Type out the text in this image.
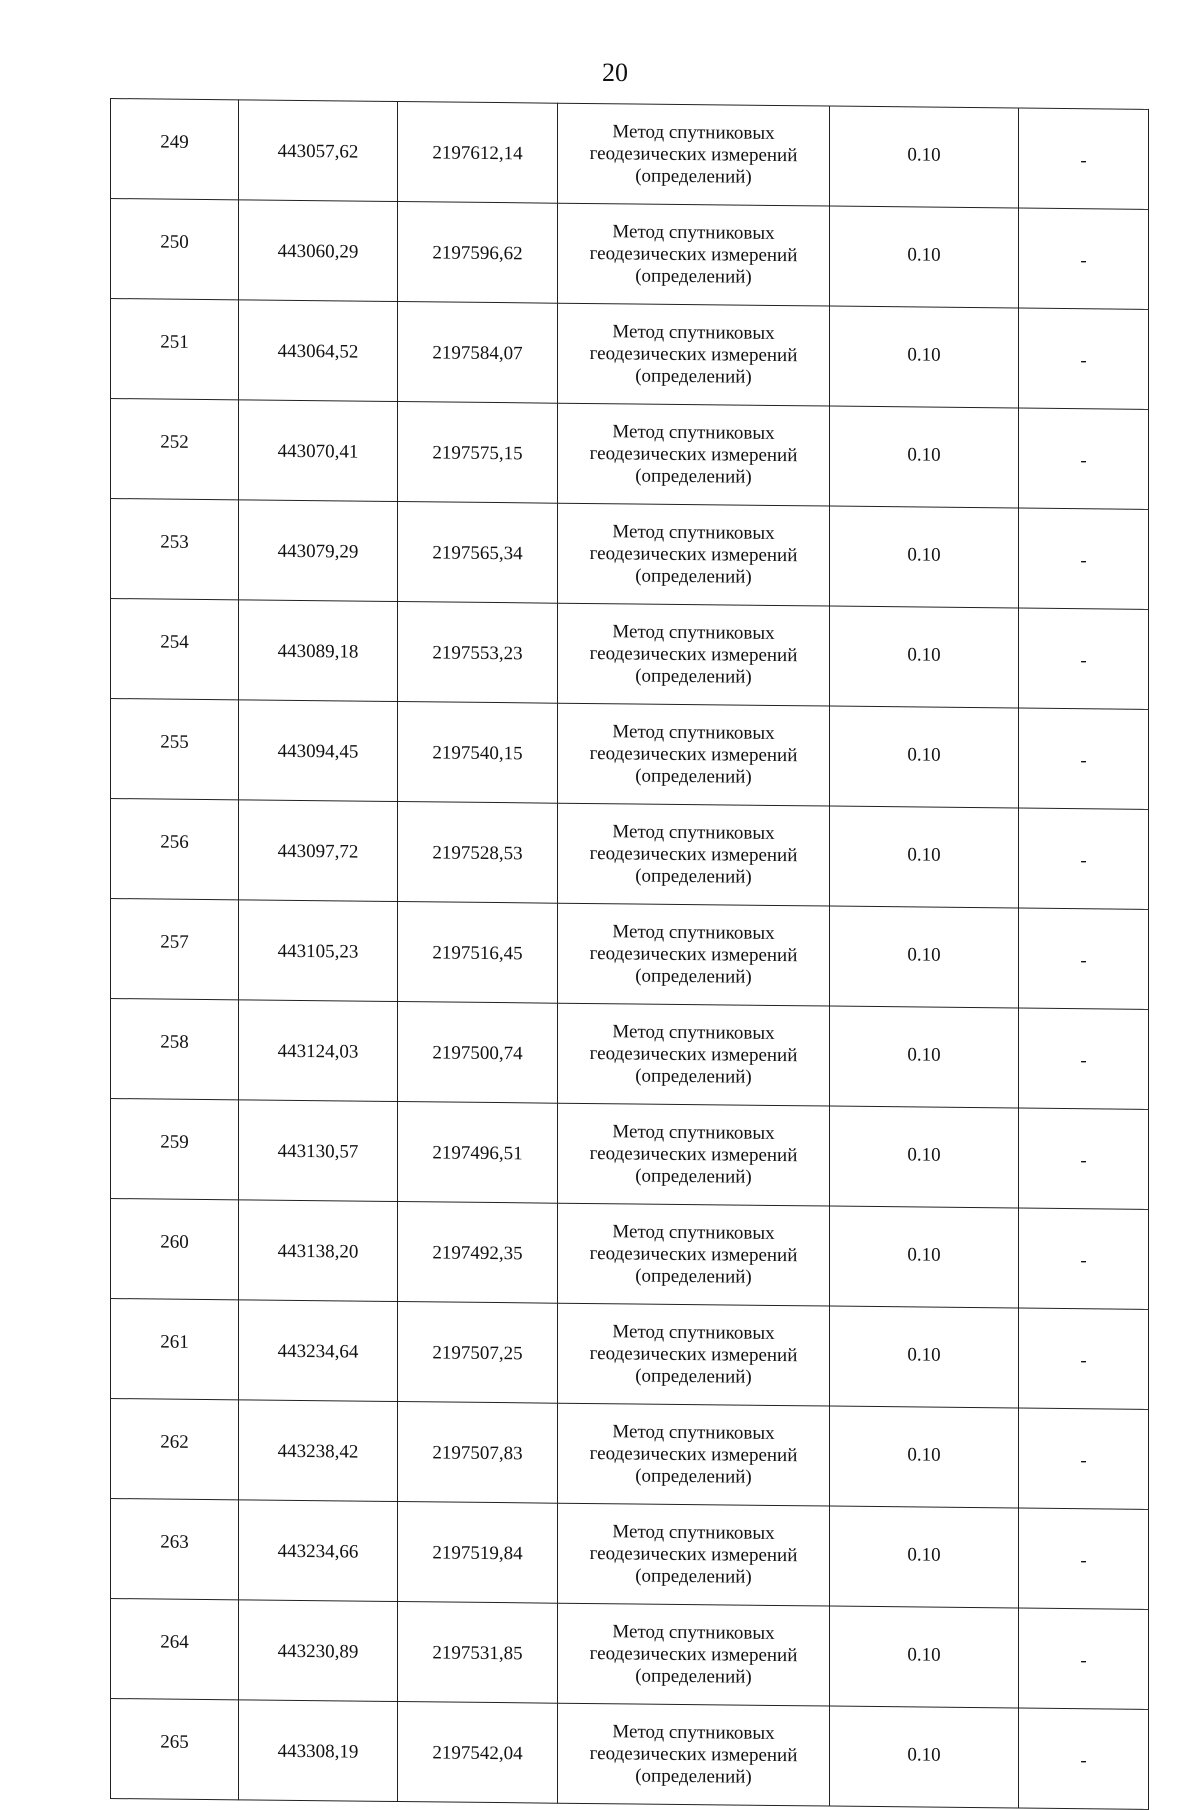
20
249	443057,62	2197612,14	Метод спутниковых геодезических измерений (определений)	0.10	-
250	443060,29	2197596,62	Метод спутниковых геодезических измерений (определений)	0.10	-
251	443064,52	2197584,07	Метод спутниковых геодезических измерений (определений)	0.10	-
252	443070,41	2197575,15	Метод спутниковых геодезических измерений (определений)	0.10	-
253	443079,29	2197565,34	Метод спутниковых геодезических измерений (определений)	0.10	-
254	443089,18	2197553,23	Метод спутниковых геодезических измерений (определений)	0.10	-
255	443094,45	2197540,15	Метод спутниковых геодезических измерений (определений)	0.10	-
256	443097,72	2197528,53	Метод спутниковых геодезических измерений (определений)	0.10	-
257	443105,23	2197516,45	Метод спутниковых геодезических измерений (определений)	0.10	-
258	443124,03	2197500,74	Метод спутниковых геодезических измерений (определений)	0.10	-
259	443130,57	2197496,51	Метод спутниковых геодезических измерений (определений)	0.10	-
260	443138,20	2197492,35	Метод спутниковых геодезических измерений (определений)	0.10	-
261	443234,64	2197507,25	Метод спутниковых геодезических измерений (определений)	0.10	-
262	443238,42	2197507,83	Метод спутниковых геодезических измерений (определений)	0.10	-
263	443234,66	2197519,84	Метод спутниковых геодезических измерений (определений)	0.10	-
264	443230,89	2197531,85	Метод спутниковых геодезических измерений (определений)	0.10	-
265	443308,19	2197542,04	Метод спутниковых геодезических измерений (определений)	0.10	-
